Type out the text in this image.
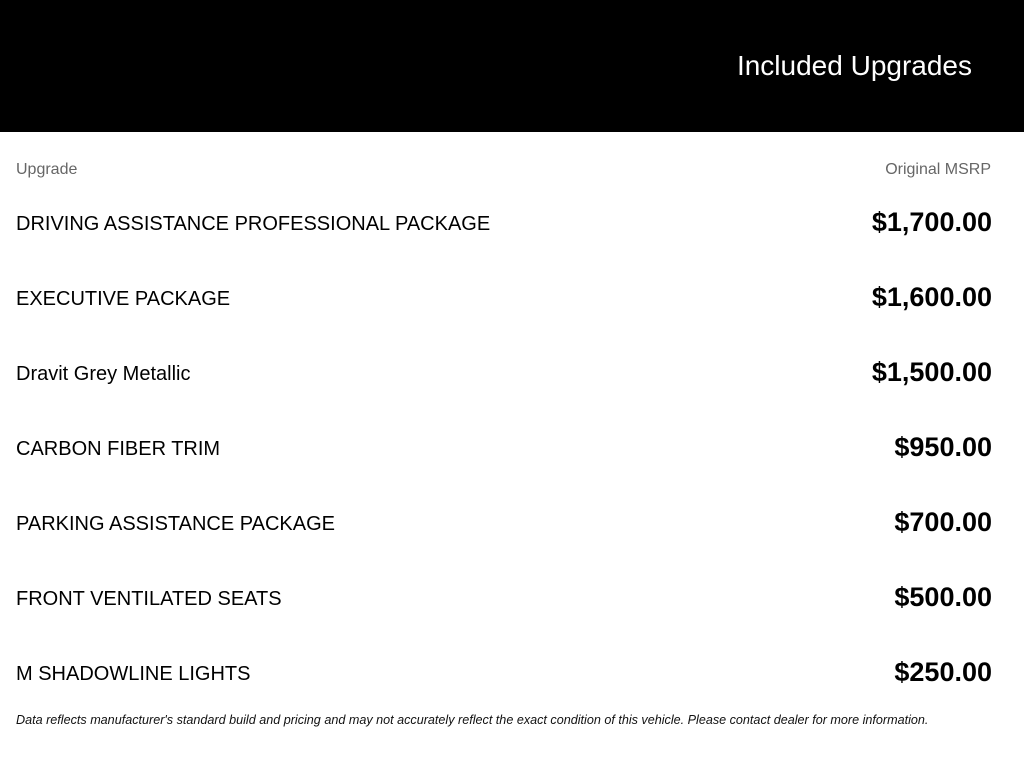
Included Upgrades
Upgrade	Original MSRP
DRIVING ASSISTANCE PROFESSIONAL PACKAGE	$1,700.00
EXECUTIVE PACKAGE	$1,600.00
Dravit Grey Metallic	$1,500.00
CARBON FIBER TRIM	$950.00
PARKING ASSISTANCE PACKAGE	$700.00
FRONT VENTILATED SEATS	$500.00
M SHADOWLINE LIGHTS	$250.00
Data reflects manufacturer's standard build and pricing and may not accurately reflect the exact condition of this vehicle. Please contact dealer for more information.
